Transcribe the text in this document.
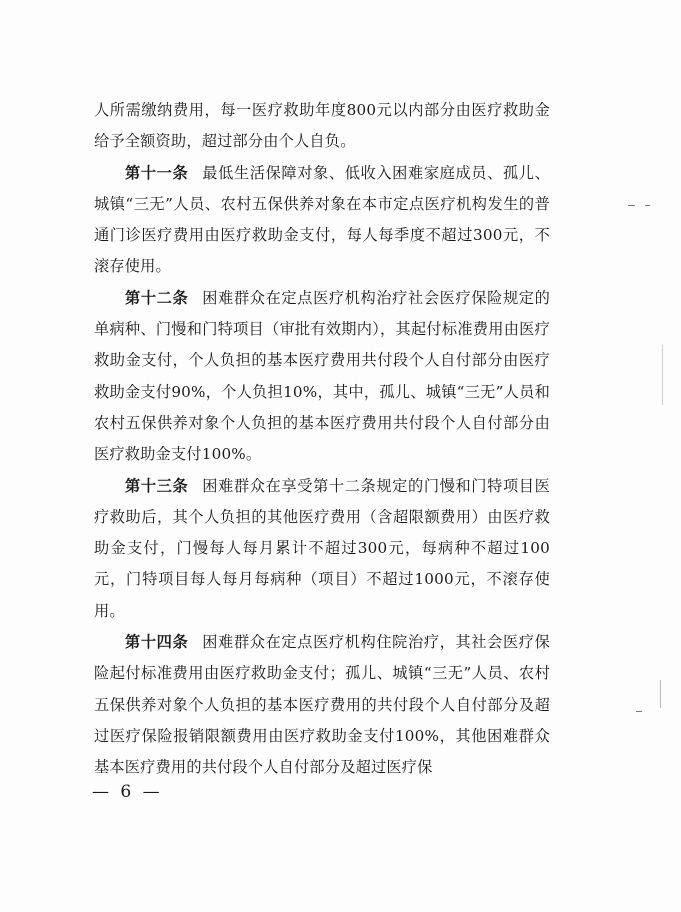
人所需缴纳费用，每一医疗救助年度800元以内部分由医疗救助金给予全额资助，超过部分由个人自负。

第十一条 最低生活保障对象、低收入困难家庭成员、孤儿、城镇“三无”人员、农村五保供养对象在本市定点医疗机构发生的普通门诊医疗费用由医疗救助金支付，每人每季度不超过300元，不滚存使用。

第十二条 困难群众在定点医疗机构治疗社会医疗保险规定的单病种、门慢和门特项目（审批有效期内），其起付标准费用由医疗救助金支付，个人负担的基本医疗费用共付段个人自付部分由医疗救助金支付90%，个人负担10%，其中，孤儿、城镇“三无”人员和农村五保供养对象个人负担的基本医疗费用共付段个人自付部分由医疗救助金支付100%。

第十三条 困难群众在享受第十二条规定的门慢和门特项目医疗救助后，其个人负担的其他医疗费用（含超限额费用）由医疗救助金支付，门慢每人每月累计不超过300元，每病种不超过100元，门特项目每人每月每病种（项目）不超过1000元，不滚存使用。

第十四条 困难群众在定点医疗机构住院治疗，其社会医疗保险起付标准费用由医疗救助金支付；孤儿、城镇“三无”人员、农村五保供养对象个人负担的基本医疗费用的共付段个人自付部分及超过医疗保险报销限额费用由医疗救助金支付100%，其他困难群众基本医疗费用的共付段个人自付部分及超过医疗保

— 6 —
